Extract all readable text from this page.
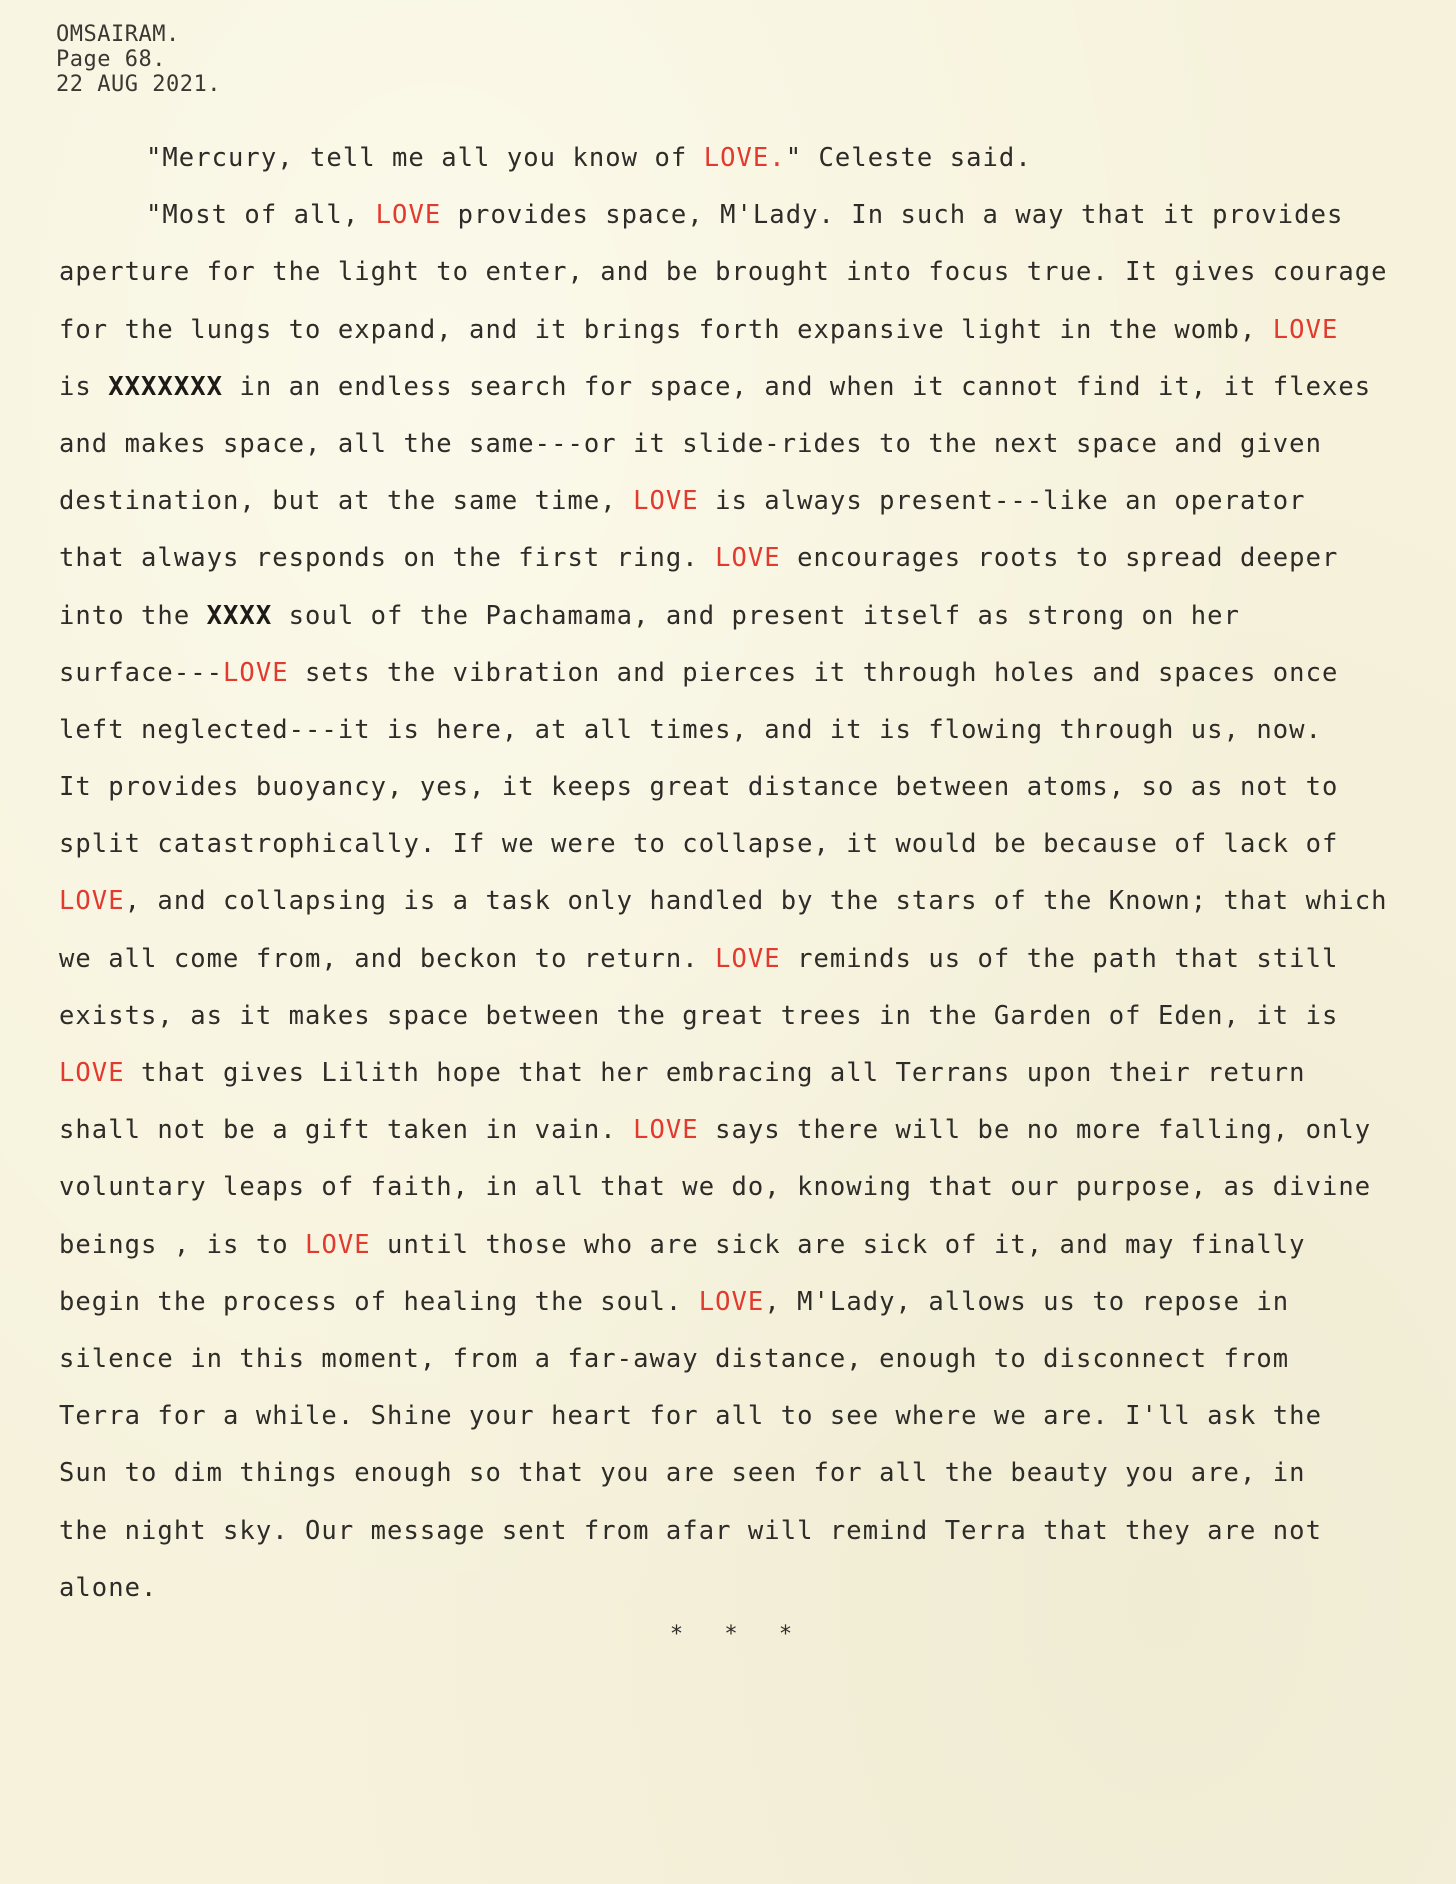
OMSAIRAM.
Page 68.
22 AUG 2021.
"Mercury, tell me all you know of LOVE." Celeste said.
"Most of all, LOVE provides space, M'Lady. In such a way that it provides
aperture for the light to enter, and be brought into focus true. It gives courage
for the lungs to expand, and it brings forth expansive light in the womb, LOVE
is XXXXXXX in an endless search for space, and when it cannot find it, it flexes
and makes space, all the same---or it slide-rides to the next space and given
destination, but at the same time, LOVE is always present---like an operator
that always responds on the first ring. LOVE encourages roots to spread deeper
into the XXXX soul of the Pachamama, and present itself as strong on her
surface---LOVE sets the vibration and pierces it through holes and spaces once
left neglected---it is here, at all times, and it is flowing through us, now.
It provides buoyancy, yes, it keeps great distance between atoms, so as not to
split catastrophically. If we were to collapse, it would be because of lack of
LOVE, and collapsing is a task only handled by the stars of the Known; that which
we all come from, and beckon to return. LOVE reminds us of the path that still
exists, as it makes space between the great trees in the Garden of Eden, it is
LOVE that gives Lilith hope that her embracing all Terrans upon their return
shall not be a gift taken in vain. LOVE says there will be no more falling, only
voluntary leaps of faith, in all that we do, knowing that our purpose, as divine
beings , is to LOVE until those who are sick are sick of it, and may finally
begin the process of healing the soul. LOVE, M'Lady, allows us to repose in
silence in this moment, from a far-away distance, enough to disconnect from
Terra for a while. Shine your heart for all to see where we are. I'll ask the
Sun to dim things enough so that you are seen for all the beauty you are, in
the night sky. Our message sent from afar will remind Terra that they are not
alone.
* * *
